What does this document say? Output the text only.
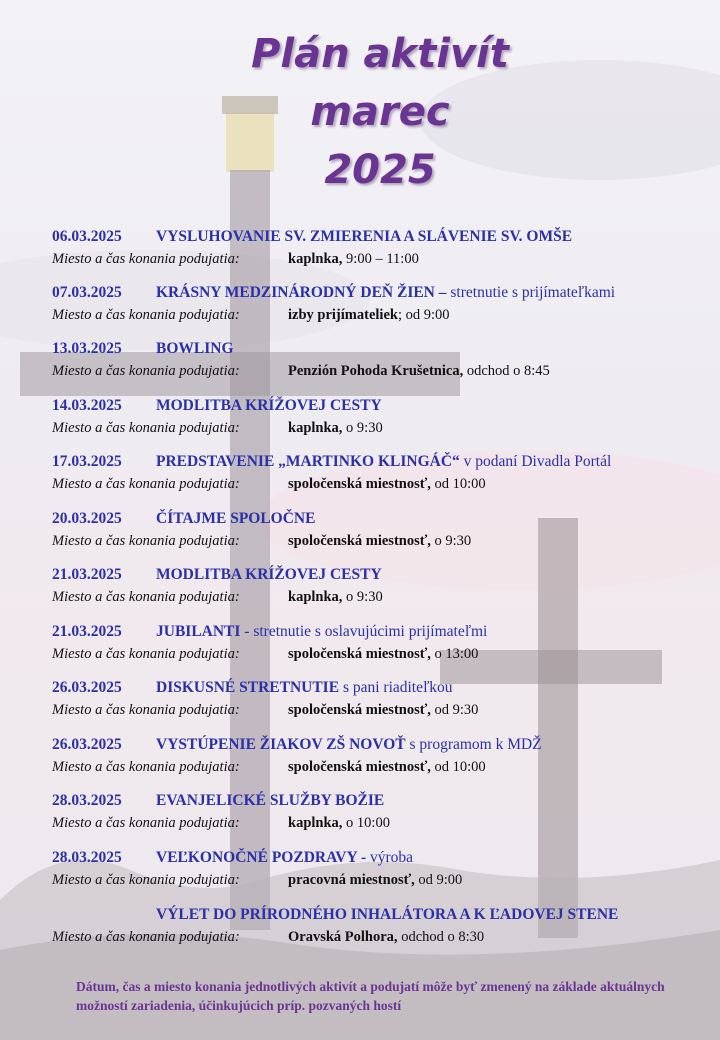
Plán aktivít
marec
2025
06.03.2025 VYSLUHOVANIE SV. ZMIERENIA A SLÁVENIE SV. OMŠE
Miesto a čas konania podujatia:	kaplnka, 9:00 – 11:00
07.03.2025 KRÁSNY MEDZINÁRODNÝ DEŇ ŽIEN – stretnutie s prijímateľkami
Miesto a čas konania podujatia:	izby prijímateliek; od 9:00
13.03.2025 BOWLING
Miesto a čas konania podujatia:	Penzión Pohoda Krušetnica, odchod o 8:45
14.03.2025 MODLITBA KRÍŽOVEJ CESTY
Miesto a čas konania podujatia:	kaplnka, o 9:30
17.03.2025 PREDSTAVENIE „MARTINKO KLINGÁČ“ v podaní Divadla Portál
Miesto a čas konania podujatia:	spoločenská miestnosť, od 10:00
20.03.2025 ČÍTAJME SPOLOČNE
Miesto a čas konania podujatia:	spoločenská miestnosť, o 9:30
21.03.2025 MODLITBA KRÍŽOVEJ CESTY
Miesto a čas konania podujatia:	kaplnka, o 9:30
21.03.2025 JUBILANTI - stretnutie s oslavujúcimi prijímateľmi
Miesto a čas konania podujatia:	spoločenská miestnosť, o 13:00
26.03.2025 DISKUSNÉ STRETNUTIE s pani riaditeľkou
Miesto a čas konania podujatia:	spoločenská miestnosť, od 9:30
26.03.2025 VYSTÚPENIE ŽIAKOV ZŠ NOVOŤ s programom k MDŽ
Miesto a čas konania podujatia:	spoločenská miestnosť, od 10:00
28.03.2025 EVANJELICKÉ SLUŽBY BOŽIE
Miesto a čas konania podujatia:	kaplnka, o 10:00
28.03.2025 VEĽKONOČNÉ POZDRAVY - výroba
Miesto a čas konania podujatia:	pracovná miestnosť, od 9:00
VÝLET DO PRÍRODNÉHO INHALÁTORA A K ĽADOVEJ STENE
Miesto a čas konania podujatia:	Oravská Polhora, odchod o 8:30
Dátum, čas a miesto konania jednotlivých aktivít a podujatí môže byť zmenený na základe aktuálnych možností zariadenia, účinkujúcich príp. pozvaných hostí
